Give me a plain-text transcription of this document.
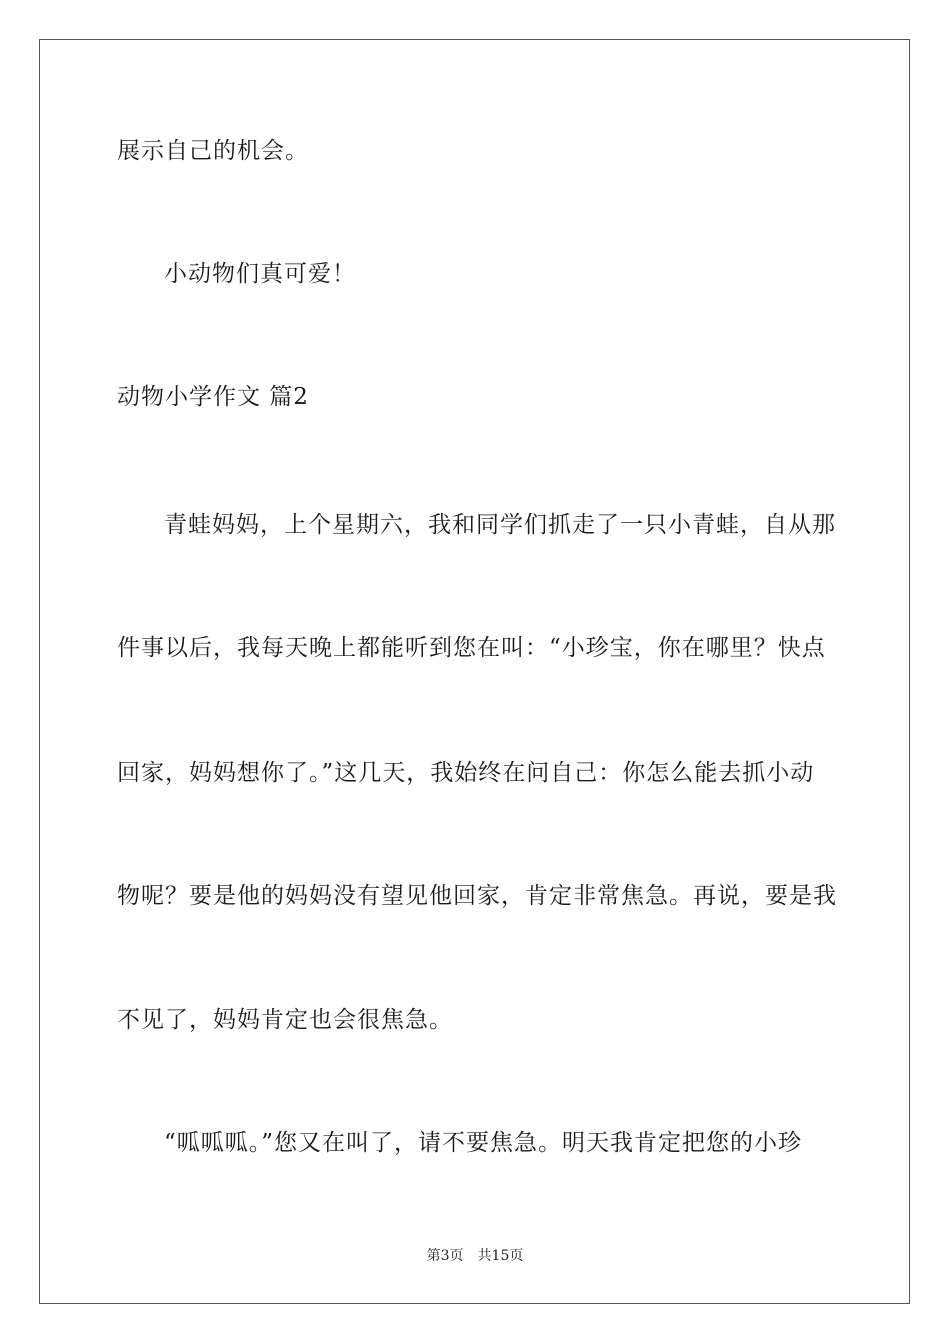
展示自己的机会。
小动物们真可爱！
动物小学作文 篇2
青蛙妈妈，上个星期六，我和同学们抓走了一只小青蛙，自从那
件事以后，我每天晚上都能听到您在叫：“小珍宝，你在哪里？快点
回家，妈妈想你了。”这几天，我始终在问自己：你怎么能去抓小动
物呢？要是他的妈妈没有望见他回家，肯定非常焦急。再说，要是我
不见了，妈妈肯定也会很焦急。
“呱呱呱。”您又在叫了，请不要焦急。明天我肯定把您的小珍
第3页 共15页
